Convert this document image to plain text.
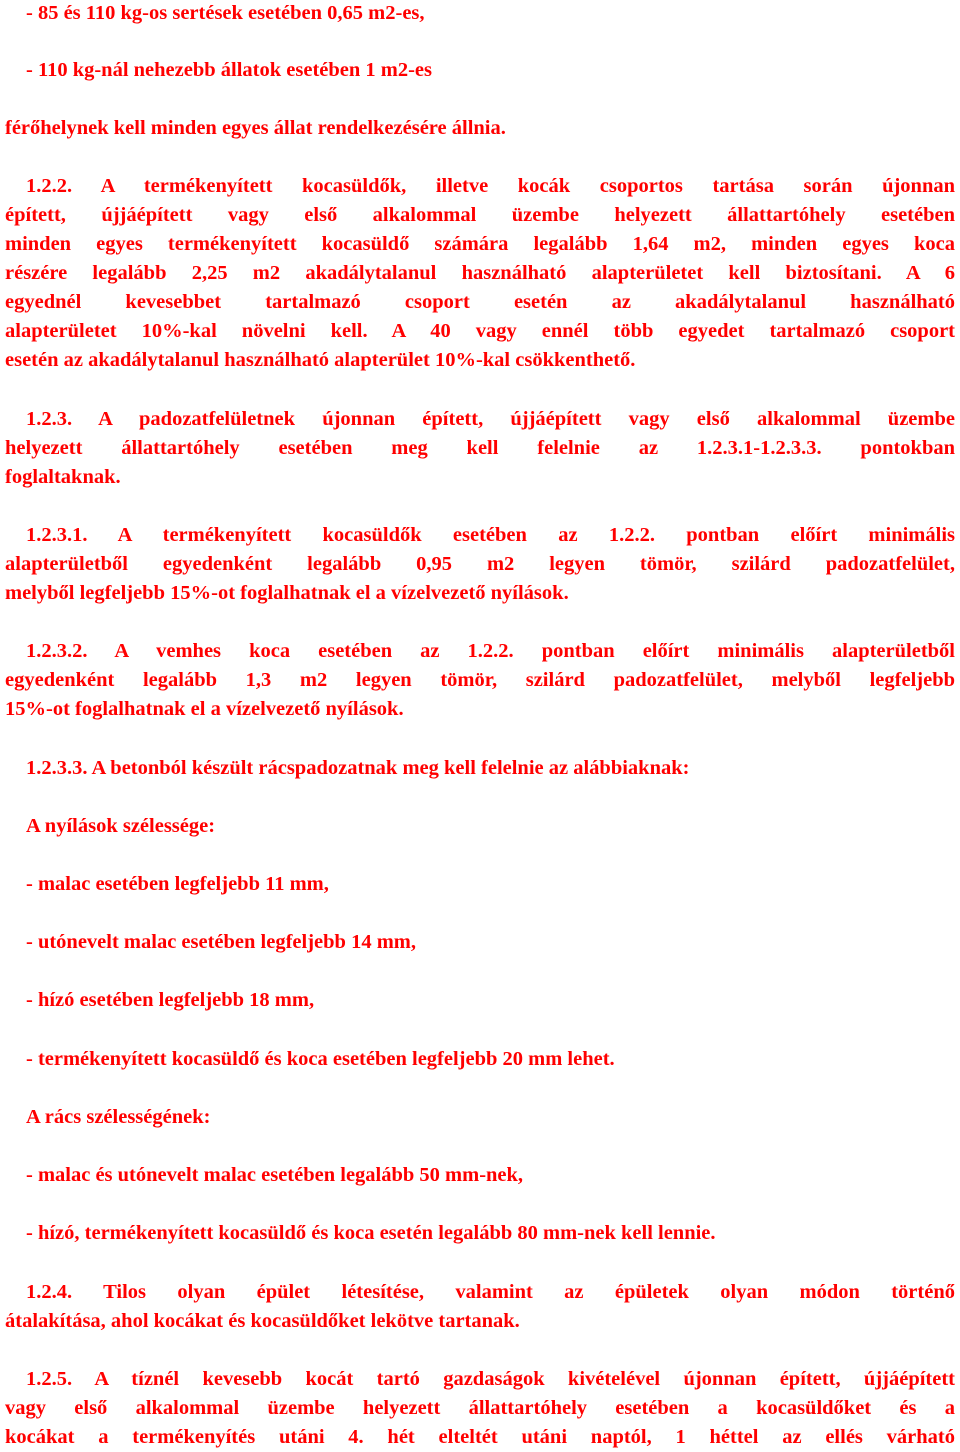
- 85 és 110 kg-os sertések esetében 0,65 m2-es,

- 110 kg-nál nehezebb állatok esetében 1 m2-es

férőhelynek kell minden egyes állat rendelkezésére állnia.

1.2.2. A termékenyített kocasüldők, illetve kocák csoportos tartása során újonnan

épített, újjáépített vagy első alkalommal üzembe helyezett állattartóhely esetében

minden egyes termékenyített kocasüldő számára legalább 1,64 m2, minden egyes koca

részére legalább 2,25 m2 akadálytalanul használható alapterületet kell biztosítani. A 6

egyednél kevesebbet tartalmazó csoport esetén az akadálytalanul használható

alapterületet 10%-kal növelni kell. A 40 vagy ennél több egyedet tartalmazó csoport

esetén az akadálytalanul használható alapterület 10%-kal csökkenthető.

1.2.3. A padozatfelületnek újonnan épített, újjáépített vagy első alkalommal üzembe

helyezett állattartóhely esetében meg kell felelnie az 1.2.3.1-1.2.3.3. pontokban

foglaltaknak.

1.2.3.1. A termékenyített kocasüldők esetében az 1.2.2. pontban előírt minimális

alapterületből egyedenként legalább 0,95 m2 legyen tömör, szilárd padozatfelület,

melyből legfeljebb 15%-ot foglalhatnak el a vízelvezető nyílások.

1.2.3.2. A vemhes koca esetében az 1.2.2. pontban előírt minimális alapterületből

egyedenként legalább 1,3 m2 legyen tömör, szilárd padozatfelület, melyből legfeljebb

15%-ot foglalhatnak el a vízelvezető nyílások.

1.2.3.3. A betonból készült rácspadozatnak meg kell felelnie az alábbiaknak:

A nyílások szélessége:

- malac esetében legfeljebb 11 mm,

- utónevelt malac esetében legfeljebb 14 mm,

- hízó esetében legfeljebb 18 mm,

- termékenyített kocasüldő és koca esetében legfeljebb 20 mm lehet.

A rács szélességének:

- malac és utónevelt malac esetében legalább 50 mm-nek,

- hízó, termékenyített kocasüldő és koca esetén legalább 80 mm-nek kell lennie.

1.2.4. Tilos olyan épület létesítése, valamint az épületek olyan módon történő

átalakítása, ahol kocákat és kocasüldőket lekötve tartanak.

1.2.5. A tíznél kevesebb kocát tartó gazdaságok kivételével újonnan épített, újjáépített

vagy első alkalommal üzembe helyezett állattartóhely esetében a kocasüldőket és a

kocákat a termékenyítés utáni 4. hét elteltét utáni naptól, 1 héttel az ellés várható
